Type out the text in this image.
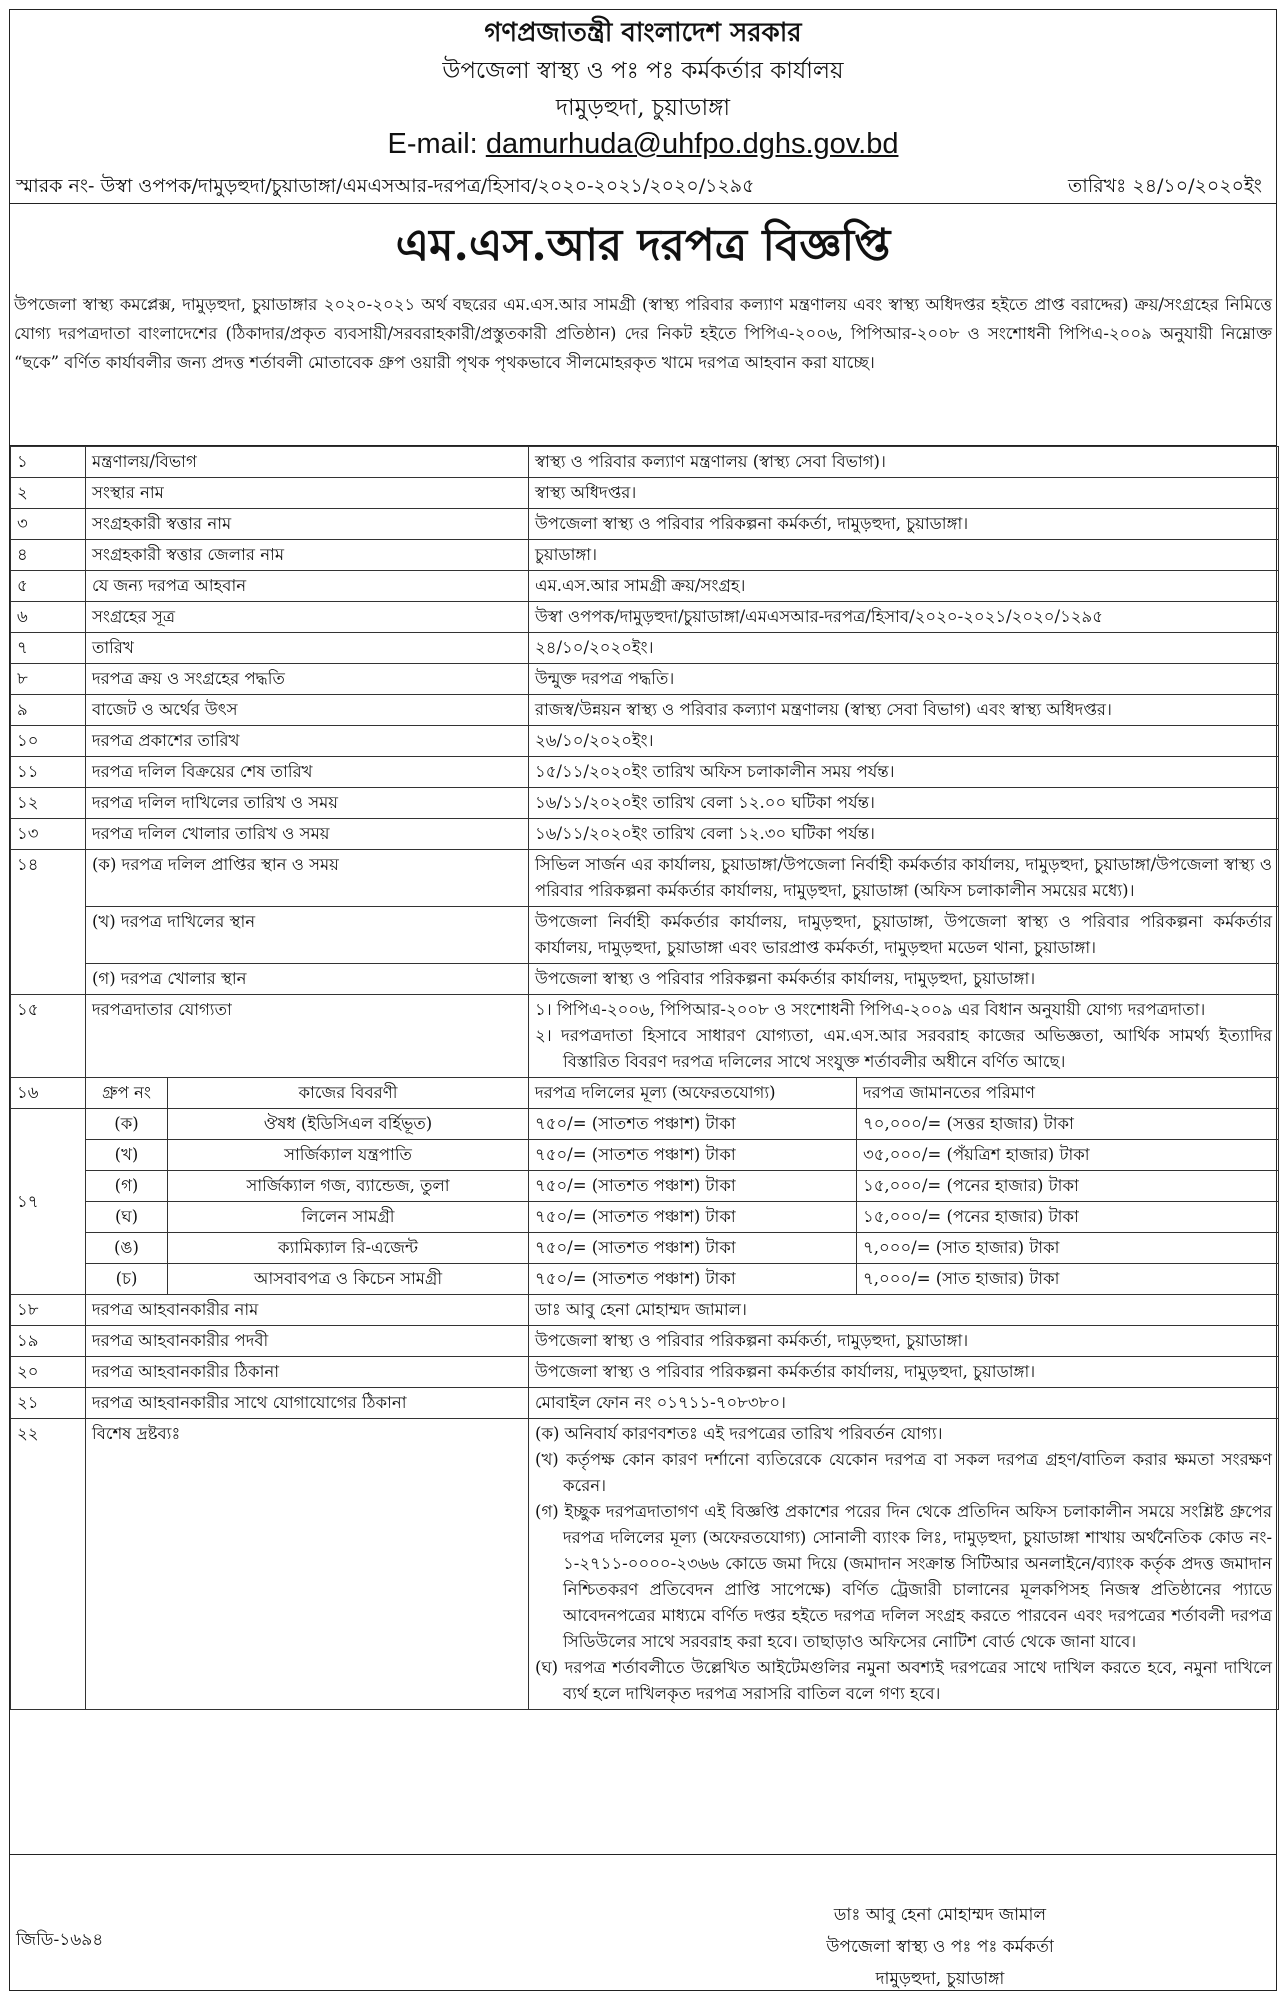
গণপ্রজাতন্ত্রী বাংলাদেশ সরকার
উপজেলা স্বাস্থ্য ও পঃ পঃ কর্মকর্তার কার্যালয়
দামুড়হুদা, চুয়াডাঙ্গা
E-mail: damurhuda@uhfpo.dghs.gov.bd
স্মারক নং- উস্বা ওপপক/দামুড়হুদা/চুয়াডাঙ্গা/এমএসআর-দরপত্র/হিসাব/২০২০-২০২১/২০২০/১২৯৫	তারিখঃ ২৪/১০/২০২০ইং
এম.এস.আর দরপত্র বিজ্ঞপ্তি
উপজেলা স্বাস্থ্য কমপ্লেক্স, দামুড়হুদা, চুয়াডাঙ্গার ২০২০-২০২১ অর্থ বছরের এম.এস.আর সামগ্রী (স্বাস্থ্য পরিবার কল্যাণ মন্ত্রণালয় এবং স্বাস্থ্য অধিদপ্তর হইতে প্রাপ্ত বরাদ্দের) ক্রয়/সংগ্রহের নিমিত্তে যোগ্য দরপত্রদাতা বাংলাদেশের (ঠিকাদার/প্রকৃত ব্যবসায়ী/সরবরাহকারী/প্রস্তুতকারী প্রতিষ্ঠান) দের নিকট হইতে পিপিএ-২০০৬, পিপিআর-২০০৮ ও সংশোধনী পিপিএ-২০০৯ অনুযায়ী নিম্নোক্ত “ছকে” বর্ণিত কার্যাবলীর জন্য প্রদত্ত শর্তাবলী মোতাবেক গ্রুপ ওয়ারী পৃথক পৃথকভাবে সীলমোহরকৃত খামে দরপত্র আহবান করা যাচ্ছে।
১	মন্ত্রণালয়/বিভাগ		স্বাস্থ্য ও পরিবার কল্যাণ মন্ত্রণালয় (স্বাস্থ্য সেবা বিভাগ)।	
২	সংস্থার নাম		স্বাস্থ্য অধিদপ্তর।	
৩	সংগ্রহকারী স্বত্তার নাম		উপজেলা স্বাস্থ্য ও পরিবার পরিকল্পনা কর্মকর্তা, দামুড়হুদা, চুয়াডাঙ্গা।	
৪	সংগ্রহকারী স্বত্তার জেলার নাম		চুয়াডাঙ্গা।	
৫	যে জন্য দরপত্র আহবান		এম.এস.আর সামগ্রী ক্রয়/সংগ্রহ।	
৬	সংগ্রহের সূত্র		উস্বা ওপপক/দামুড়হুদা/চুয়াডাঙ্গা/এমএসআর-দরপত্র/হিসাব/২০২০-২০২১/২০২০/১২৯৫	
৭	তারিখ		২৪/১০/২০২০ইং।	
৮	দরপত্র ক্রয় ও সংগ্রহের পদ্ধতি		উন্মুক্ত দরপত্র পদ্ধতি।	
৯	বাজেট ও অর্থের উৎস		রাজস্ব/উন্নয়ন স্বাস্থ্য ও পরিবার কল্যাণ মন্ত্রণালয় (স্বাস্থ্য সেবা বিভাগ) এবং স্বাস্থ্য অধিদপ্তর।	
১০	দরপত্র প্রকাশের তারিখ		২৬/১০/২০২০ইং।	
১১	দরপত্র দলিল বিক্রয়ের শেষ তারিখ		১৫/১১/২০২০ইং তারিখ অফিস চলাকালীন সময় পর্যন্ত।	
১২	দরপত্র দলিল দাখিলের তারিখ ও সময়		১৬/১১/২০২০ইং তারিখ বেলা ১২.০০ ঘটিকা পর্যন্ত।	
১৩	দরপত্র দলিল খোলার তারিখ ও সময়		১৬/১১/২০২০ইং তারিখ বেলা ১২.৩০ ঘটিকা পর্যন্ত।	
১৪	(ক) দরপত্র দলিল প্রাপ্তির স্থান ও সময়		সিভিল সার্জন এর কার্যালয়, চুয়াডাঙ্গা/উপজেলা নির্বাহী কর্মকর্তার কার্যালয়, দামুড়হুদা, চুয়াডাঙ্গা/উপজেলা স্বাস্থ্য ও পরিবার পরিকল্পনা কর্মকর্তার কার্যালয়, দামুড়হুদা, চুয়াডাঙ্গা (অফিস চলাকালীন সময়ের মধ্যে)।	
	(খ) দরপত্র দাখিলের স্থান		উপজেলা নির্বাহী কর্মকর্তার কার্যালয়, দামুড়হুদা, চুয়াডাঙ্গা, উপজেলা স্বাস্থ্য ও পরিবার পরিকল্পনা কর্মকর্তার কার্যালয়, দামুড়হুদা, চুয়াডাঙ্গা এবং ভারপ্রাপ্ত কর্মকর্তা, দামুড়হুদা মডেল থানা, চুয়াডাঙ্গা।	
	(গ) দরপত্র খোলার স্থান		উপজেলা স্বাস্থ্য ও পরিবার পরিকল্পনা কর্মকর্তার কার্যালয়, দামুড়হুদা, চুয়াডাঙ্গা।	
১৫	দরপত্রদাতার যোগ্যতা		১। পিপিএ-২০০৬, পিপিআর-২০০৮ ও সংশোধনী পিপিএ-২০০৯ এর বিধান অনুযায়ী যোগ্য দরপত্রদাতা।
২। দরপত্রদাতা হিসাবে সাধারণ যোগ্যতা, এম.এস.আর সরবরাহ কাজের অভিজ্ঞতা, আর্থিক সামর্থ্য ইত্যাদির বিস্তারিত বিবরণ দরপত্র দলিলের সাথে সংযুক্ত শর্তাবলীর অধীনে বর্ণিত আছে।	

১৬	গ্রুপ নং	কাজের বিবরণী	দরপত্র দলিলের মূল্য (অফেরতযোগ্য)	দরপত্র জামানতের পরিমাণ
১৭	(ক)	ঔষধ (ইডিসিএল বর্হিভূত)	৭৫০/= (সাতশত পঞ্চাশ) টাকা	৭০,০০০/= (সত্তর হাজার) টাকা
	(খ)	সার্জিক্যাল যন্ত্রপাতি	৭৫০/= (সাতশত পঞ্চাশ) টাকা	৩৫,০০০/= (পঁয়ত্রিশ হাজার) টাকা
	(গ)	সার্জিক্যাল গজ, ব্যান্ডেজ, তুলা	৭৫০/= (সাতশত পঞ্চাশ) টাকা	১৫,০০০/= (পনের হাজার) টাকা
	(ঘ)	লিলেন সামগ্রী	৭৫০/= (সাতশত পঞ্চাশ) টাকা	১৫,০০০/= (পনের হাজার) টাকা
	(ঙ)	ক্যামিক্যাল রি-এজেন্ট	৭৫০/= (সাতশত পঞ্চাশ) টাকা	৭,০০০/= (সাত হাজার) টাকা
	(চ)	আসবাবপত্র ও কিচেন সামগ্রী	৭৫০/= (সাতশত পঞ্চাশ) টাকা	৭,০০০/= (সাত হাজার) টাকা
১৮	দরপত্র আহবানকারীর নাম		ডাঃ আবু হেনা মোহাম্মদ জামাল।	
১৯	দরপত্র আহবানকারীর পদবী		উপজেলা স্বাস্থ্য ও পরিবার পরিকল্পনা কর্মকর্তা, দামুড়হুদা, চুয়াডাঙ্গা।	
২০	দরপত্র আহবানকারীর ঠিকানা		উপজেলা স্বাস্থ্য ও পরিবার পরিকল্পনা কর্মকর্তার কার্যালয়, দামুড়হুদা, চুয়াডাঙ্গা।	
২১	দরপত্র আহবানকারীর সাথে যোগাযোগের ঠিকানা		মোবাইল ফোন নং ০১৭১১-৭০৮৩৮০।	
২২	বিশেষ দ্রষ্টব্যঃ		(ক) অনিবার্য কারণবশতঃ এই দরপত্রের তারিখ পরিবর্তন যোগ্য।
(খ) কর্তৃপক্ষ কোন কারণ দর্শানো ব্যতিরেকে যেকোন দরপত্র বা সকল দরপত্র গ্রহণ/বাতিল করার ক্ষমতা সংরক্ষণ করেন।
(গ) ইচ্ছুক দরপত্রদাতাগণ এই বিজ্ঞপ্তি প্রকাশের পরের দিন থেকে প্রতিদিন অফিস চলাকালীন সময়ে সংশ্লিষ্ট গ্রুপের দরপত্র দলিলের মূল্য (অফেরতযোগ্য) সোনালী ব্যাংক লিঃ, দামুড়হুদা, চুয়াডাঙ্গা শাখায় অর্থনৈতিক কোড নং- ১-২৭১১-০০০০-২৩৬৬ কোডে জমা দিয়ে (জমাদান সংক্রান্ত সিটিআর অনলাইনে/ব্যাংক কর্তৃক প্রদত্ত জমাদান নিশ্চিতকরণ প্রতিবেদন প্রাপ্তি সাপেক্ষে) বর্ণিত ট্রেজারী চালানের মূলকপিসহ নিজস্ব প্রতিষ্ঠানের প্যাডে আবেদনপত্রের মাধ্যমে বর্ণিত দপ্তর হইতে দরপত্র দলিল সংগ্রহ করতে পারবেন এবং দরপত্রের শর্তাবলী দরপত্র সিডিউলের সাথে সরবরাহ করা হবে। তাছাড়াও অফিসের নোটিশ বোর্ড থেকে জানা যাবে।
(ঘ) দরপত্র শর্তাবলীতে উল্লেখিত আইটেমগুলির নমুনা অবশ্যই দরপত্রের সাথে দাখিল করতে হবে, নমুনা দাখিলে ব্যর্থ হলে দাখিলকৃত দরপত্র সরাসরি বাতিল বলে গণ্য হবে।	
জিডি-১৬৯৪
ডাঃ আবু হেনা মোহাম্মদ জামাল
উপজেলা স্বাস্থ্য ও পঃ পঃ কর্মকর্তা
দামুড়হুদা, চুয়াডাঙ্গা
